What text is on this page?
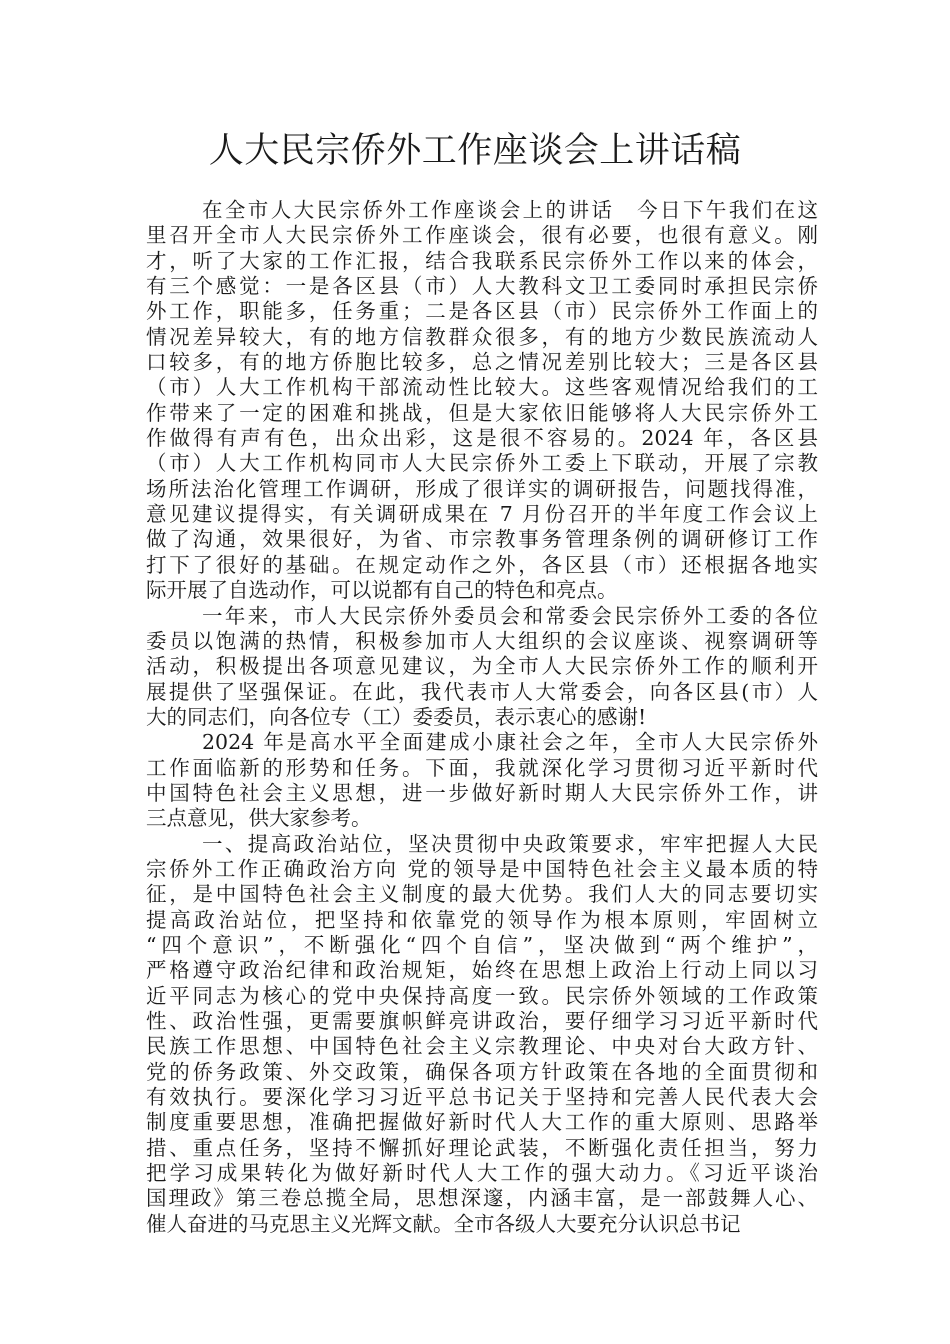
人大民宗侨外工作座谈会上讲话稿
在全市人大民宗侨外工作座谈会上的讲话　今日下午我们在这
里召开全市人大民宗侨外工作座谈会，很有必要，也很有意义。刚
才，听了大家的工作汇报，结合我联系民宗侨外工作以来的体会，
有三个感觉：一是各区县（市）人大教科文卫工委同时承担民宗侨
外工作，职能多，任务重；二是各区县（市）民宗侨外工作面上的
情况差异较大，有的地方信教群众很多，有的地方少数民族流动人
口较多，有的地方侨胞比较多，总之情况差别比较大；三是各区县
（市）人大工作机构干部流动性比较大。这些客观情况给我们的工
作带来了一定的困难和挑战，但是大家依旧能够将人大民宗侨外工
作做得有声有色，出众出彩，这是很不容易的。2024 年，各区县
（市）人大工作机构同市人大民宗侨外工委上下联动，开展了宗教
场所法治化管理工作调研，形成了很详实的调研报告，问题找得准，
意见建议提得实，有关调研成果在 7 月份召开的半年度工作会议上
做了沟通，效果很好，为省、市宗教事务管理条例的调研修订工作
打下了很好的基础。在规定动作之外，各区县（市）还根据各地实
际开展了自选动作，可以说都有自己的特色和亮点。
一年来，市人大民宗侨外委员会和常委会民宗侨外工委的各位
委员以饱满的热情，积极参加市人大组织的会议座谈、视察调研等
活动，积极提出各项意见建议，为全市人大民宗侨外工作的顺利开
展提供了坚强保证。在此，我代表市人大常委会，向各区县(市）人
大的同志们，向各位专（工）委委员，表示衷心的感谢!
2024 年是高水平全面建成小康社会之年，全市人大民宗侨外
工作面临新的形势和任务。下面，我就深化学习贯彻习近平新时代
中国特色社会主义思想，进一步做好新时期人大民宗侨外工作，讲
三点意见，供大家参考。
一、提高政治站位，坚决贯彻中央政策要求，牢牢把握人大民
宗侨外工作正确政治方向 党的领导是中国特色社会主义最本质的特
征，是中国特色社会主义制度的最大优势。我们人大的同志要切实
提高政治站位，把坚持和依靠党的领导作为根本原则，牢固树立
“四个意识”，不断强化“四个自信”，坚决做到“两个维护”，
严格遵守政治纪律和政治规矩，始终在思想上政治上行动上同以习
近平同志为核心的党中央保持高度一致。民宗侨外领域的工作政策
性、政治性强，更需要旗帜鲜亮讲政治，要仔细学习习近平新时代
民族工作思想、中国特色社会主义宗教理论、中央对台大政方针、
党的侨务政策、外交政策，确保各项方针政策在各地的全面贯彻和
有效执行。要深化学习习近平总书记关于坚持和完善人民代表大会
制度重要思想，准确把握做好新时代人大工作的重大原则、思路举
措、重点任务，坚持不懈抓好理论武装，不断强化责任担当，努力
把学习成果转化为做好新时代人大工作的强大动力。《习近平谈治
国理政》第三卷总揽全局，思想深邃，内涵丰富，是一部鼓舞人心、
催人奋进的马克思主义光辉文献。全市各级人大要充分认识总书记
